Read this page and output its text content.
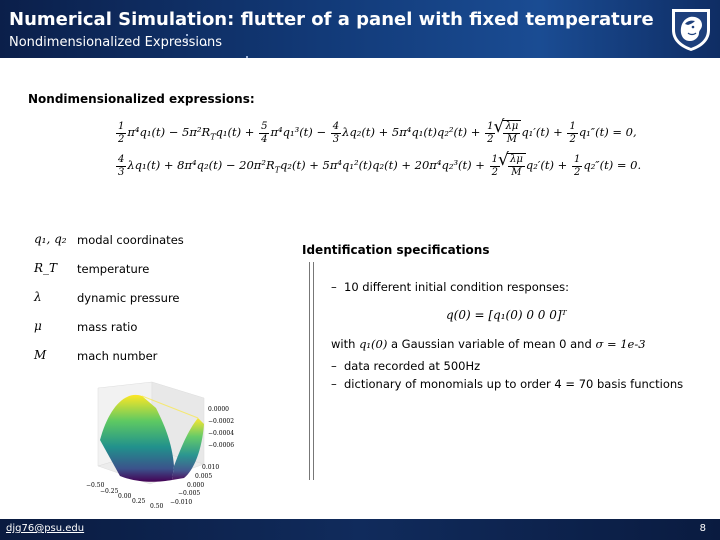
Numerical Simulation: flutter of a panel with fixed temperature
Nondimensionalized Expressions
Nondimensionalized expressions:
$\frac{1}{2} \pi^4q_1(t) - 5\pi^2R_Tq_1(t) + \frac{5}{4} \pi^4q_1^3(t) - \frac{4}{3} \lambda q_2(t) + 5\pi^4q_1(t)q_2^2(t) + \frac{1}{2}$ √ $\frac{\lambda\mu}{M} q_1'(t) + \frac{1}{2} q_1''(t) = 0$,
$\frac{4}{3} \lambda q_1(t) + 8\pi^4q_2(t) - 20\pi^2R_Tq_2(t) + 5\pi^4q_1^2(t)q_2(t) + 20\pi^4q_2^3(t) + \frac{1}{2}$ √ $\frac{\lambda\mu}{M} q_2'(t) + \frac{1}{2} q_2''(t) = 0$.
q₁, q₂ modal coordinates
R_T temperature
λ	dynamic pressure
μ	mass ratio
M	mach number
0.0000
−0.0002
−0.0004
−0.0006
0.010
0.005
0.000
−0.005
−0.010
−0.50
−0.25
0.00
0.25
0.50
Identification specifications
– 10 different initial condition responses:
q(0) = [q₁(0) 0 0 0]ᵀ
with q₁(0) a Gaussian variable of mean 0 and σ = 1e-3
– data recorded at 500Hz
– dictionary of monomials up to order 4 = 70 basis functions
djg76@psu.edu	8
